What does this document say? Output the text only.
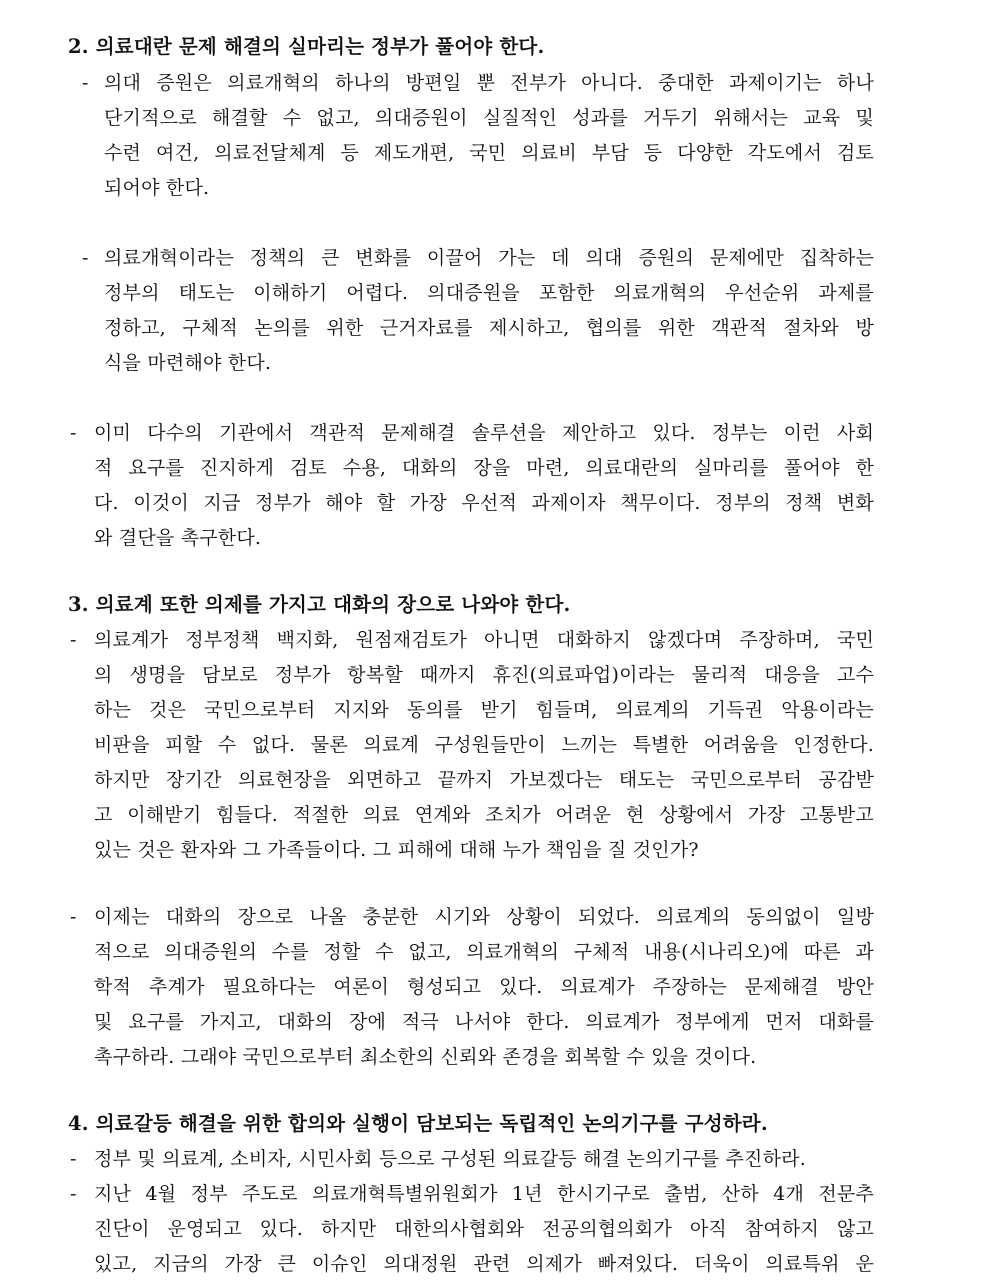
2. 의료대란 문제 해결의 실마리는 정부가 풀어야 한다.

- 의대 증원은 의료개혁의 하나의 방편일 뿐 전부가 아니다. 중대한 과제이기는 하나

단기적으로 해결할 수 없고, 의대증원이 실질적인 성과를 거두기 위해서는 교육 및

수련 여건, 의료전달체계 등 제도개편, 국민 의료비 부담 등 다양한 각도에서 검토

되어야 한다.

- 의료개혁이라는 정책의 큰 변화를 이끌어 가는 데 의대 증원의 문제에만 집착하는

정부의 태도는 이해하기 어렵다. 의대증원을 포함한 의료개혁의 우선순위 과제를

정하고, 구체적 논의를 위한 근거자료를 제시하고, 협의를 위한 객관적 절차와 방

식을 마련해야 한다.

- 이미 다수의 기관에서 객관적 문제해결 솔루션을 제안하고 있다. 정부는 이런 사회

적 요구를 진지하게 검토 수용, 대화의 장을 마련, 의료대란의 실마리를 풀어야 한

다. 이것이 지금 정부가 해야 할 가장 우선적 과제이자 책무이다. 정부의 정책 변화

와 결단을 촉구한다.

3. 의료계 또한 의제를 가지고 대화의 장으로 나와야 한다.

- 의료계가 정부정책 백지화, 원점재검토가 아니면 대화하지 않겠다며 주장하며, 국민

의 생명을 담보로 정부가 항복할 때까지 휴진(의료파업)이라는 물리적 대응을 고수

하는 것은 국민으로부터 지지와 동의를 받기 힘들며, 의료계의 기득권 악용이라는

비판을 피할 수 없다. 물론 의료계 구성원들만이 느끼는 특별한 어려움을 인정한다.

하지만 장기간 의료현장을 외면하고 끝까지 가보겠다는 태도는 국민으로부터 공감받

고 이해받기 힘들다. 적절한 의료 연계와 조치가 어려운 현 상황에서 가장 고통받고

있는 것은 환자와 그 가족들이다. 그 피해에 대해 누가 책임을 질 것인가?

- 이제는 대화의 장으로 나올 충분한 시기와 상황이 되었다. 의료계의 동의없이 일방

적으로 의대증원의 수를 정할 수 없고, 의료개혁의 구체적 내용(시나리오)에 따른 과

학적 추계가 필요하다는 여론이 형성되고 있다. 의료계가 주장하는 문제해결 방안

및 요구를 가지고, 대화의 장에 적극 나서야 한다. 의료계가 정부에게 먼저 대화를

촉구하라. 그래야 국민으로부터 최소한의 신뢰와 존경을 회복할 수 있을 것이다.

4. 의료갈등 해결을 위한 합의와 실행이 담보되는 독립적인 논의기구를 구성하라.

- 정부 및 의료계, 소비자, 시민사회 등으로 구성된 의료갈등 해결 논의기구를 추진하라.

- 지난 4월 정부 주도로 의료개혁특별위원회가 1년 한시기구로 출범, 산하 4개 전문추

진단이 운영되고 있다. 하지만 대한의사협회와 전공의협의회가 아직 참여하지 않고

있고, 지금의 가장 큰 이슈인 의대정원 관련 의제가 빠져있다. 더욱이 의료특위 운
